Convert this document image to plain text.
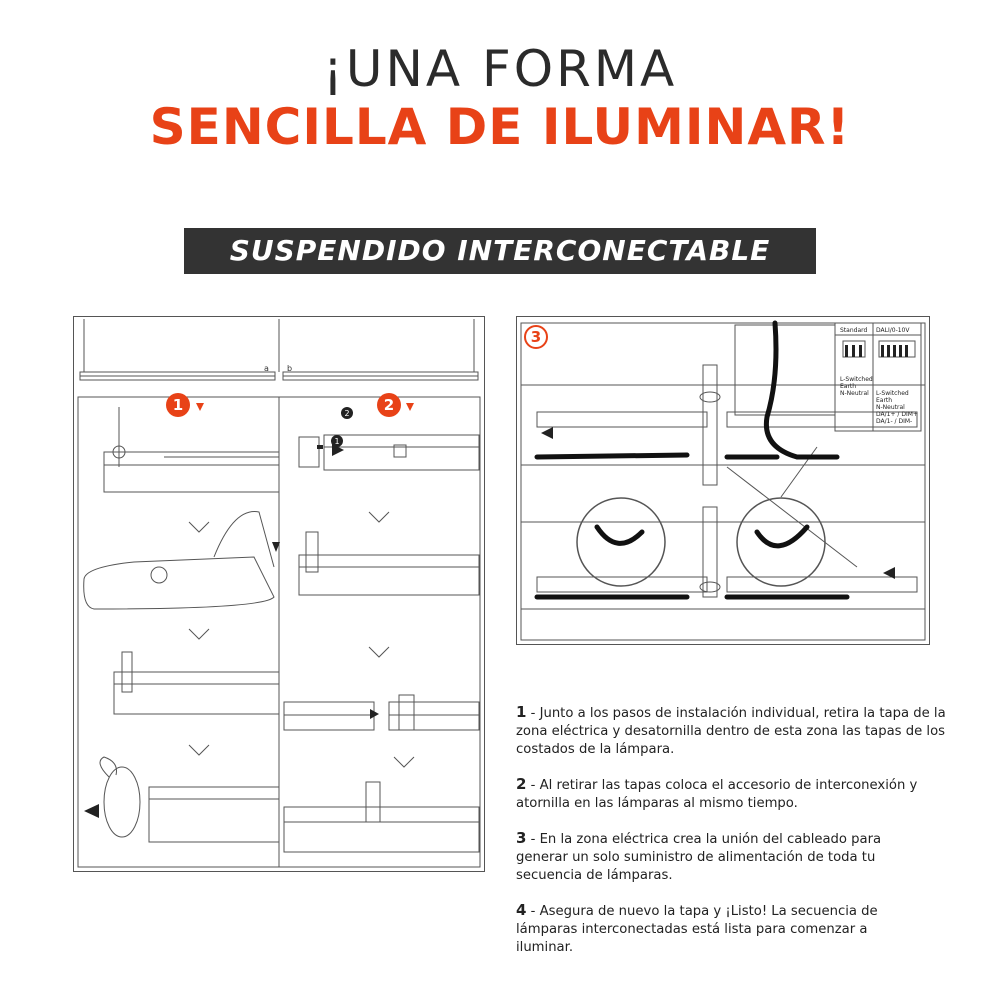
¡UNA FORMA
SENCILLA DE ILUMINAR!
SUSPENDIDO INTERCONECTABLE
a b
1
2
1	2
Standard DALI/0-10V
L-Switched
Earth
N-Neutral L-Switched
Earth
N-Neutral
DA/1+ / DIM+
DA/1- / DIM-
3

1 - Junto a los pasos de instalación individual, retira la tapa de la zona eléctrica y desatornilla dentro de esta zona las tapas de los costados de la lámpara.

2 - Al retirar las tapas coloca el accesorio de interconexión y atornilla en las lámparas al mismo tiempo.

3 - En la zona eléctrica crea la unión del cableado para generar un solo suministro de alimentación de toda tu secuencia de lámparas.

4 - Asegura de nuevo la tapa y ¡Listo! La secuencia de lámparas interconectadas está lista para comenzar a iluminar.
